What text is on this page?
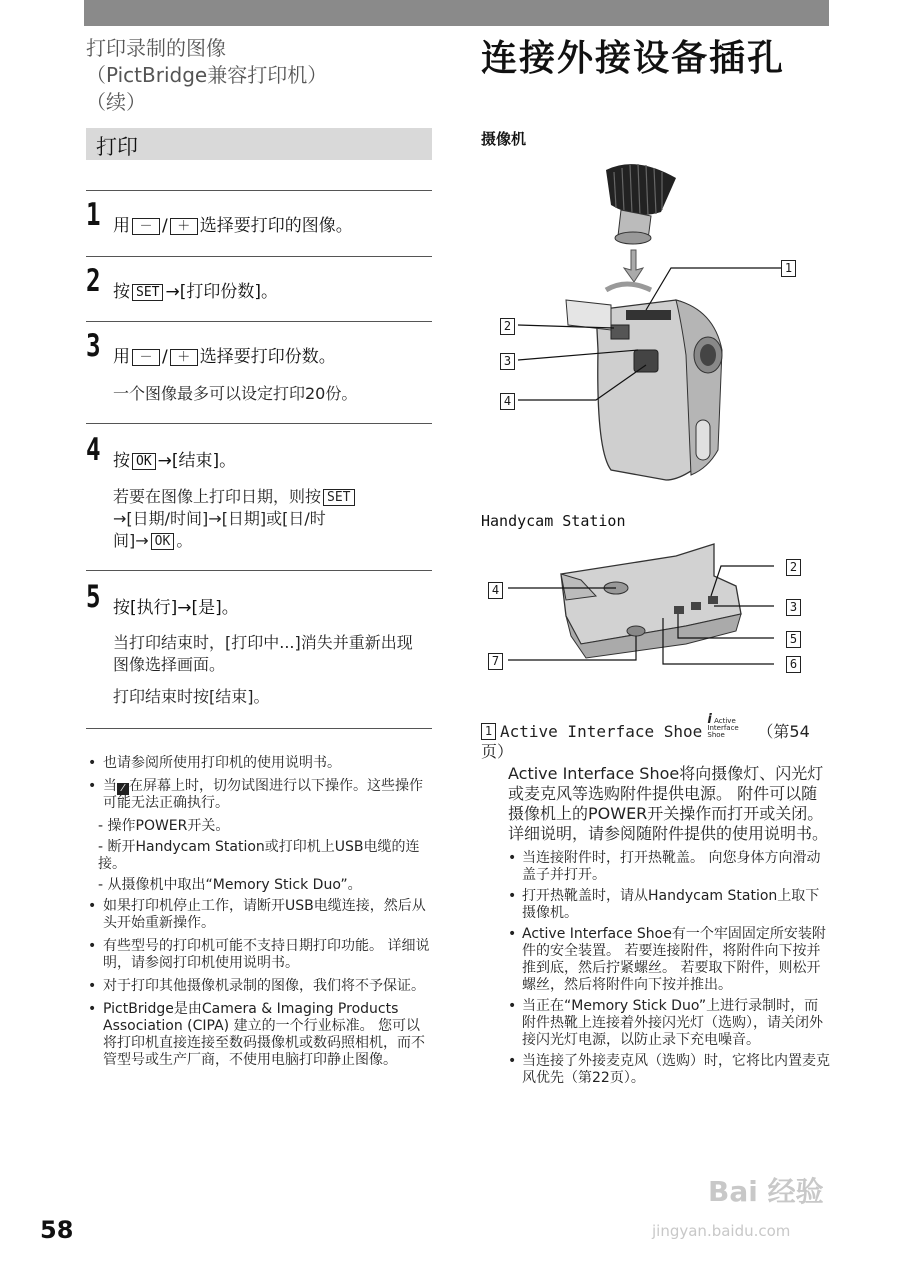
打印录制的图像
（PictBridge兼容打印机）
（续）
打印
1 用 － / ＋ 选择要打印的图像。
2 按 SET →[打印份数]。
3 用 － / ＋ 选择要打印份数。
一个图像最多可以设定打印20份。
4 按 OK →[结束]。
若要在图像上打印日期，则按 SET
→[日期/时间]→[日期]或[日/时
间]→ OK 。
5 按[执行]→[是]。
当打印结束时，[打印中...]消失并重新出现图像选择画面。
打印结束时按[结束]。
• 也请参阅所使用打印机的使用说明书。
• 当 ⁄ 在屏幕上时，切勿试图进行以下操作。这些操作可能无法正确执行。
- 操作POWER开关。
- 断开Handycam Station或打印机上USB电缆的连接。
- 从摄像机中取出“Memory Stick Duo”。
• 如果打印机停止工作，请断开USB电缆连接，然后从头开始重新操作。
• 有些型号的打印机可能不支持日期打印功能。 详细说明，请参阅打印机使用说明书。
• 对于打印其他摄像机录制的图像，我们将不予保证。
• PictBridge是由Camera & Imaging Products Association (CIPA) 建立的一个行业标准。 您可以将打印机直接连接至数码摄像机或数码照相机，而不管型号或生产厂商，不使用电脑打印静止图像。
连接外接设备插孔
摄像机
1
2
3
4
Handycam Station
4
2
3
5
7	6
1 Active Interface Shoe i Active Interface Shoe （第54页）
Active Interface Shoe将向摄像灯、闪光灯或麦克风等选购附件提供电源。 附件可以随摄像机上的POWER开关操作而打开或关闭。 详细说明，请参阅随附件提供的使用说明书。
• 当连接附件时，打开热靴盖。 向您身体方向滑动盖子并打开。
• 打开热靴盖时，请从Handycam Station上取下摄像机。
• Active Interface Shoe有一个牢固固定所安装附件的安全装置。 若要连接附件，将附件向下按并推到底，然后拧紧螺丝。 若要取下附件，则松开螺丝，然后将附件向下按并推出。
• 当正在“Memory Stick Duo”上进行录制时，而附件热靴上连接着外接闪光灯（选购），请关闭外接闪光灯电源，以防止录下充电噪音。
• 当连接了外接麦克风（选购）时，它将比内置麦克风优先（第22页）。
58
Bai 经验
jingyan.baidu.com
